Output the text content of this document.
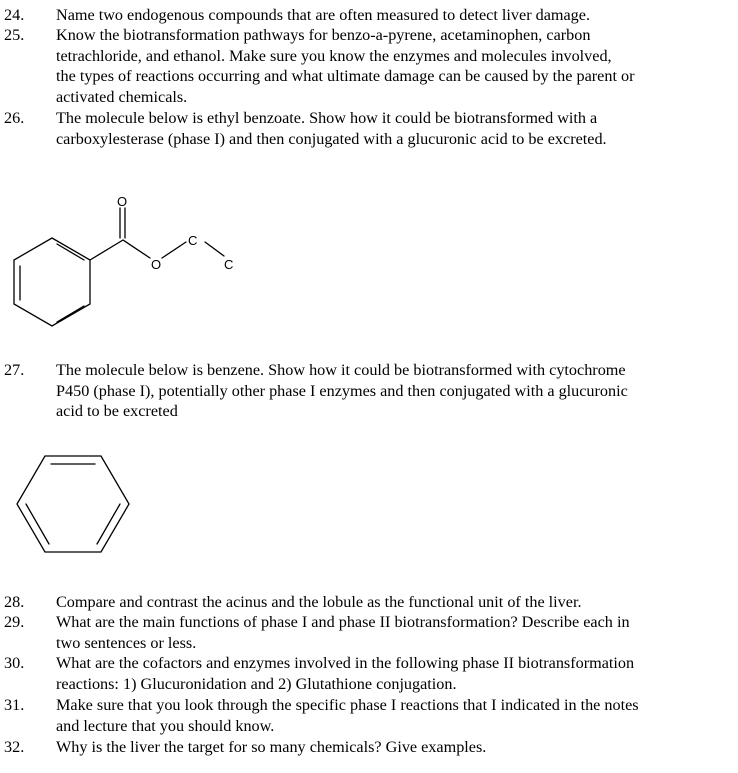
24. Name two endogenous compounds that are often measured to detect liver damage.
25. Know the biotransformation pathways for benzo-a-pyrene, acetaminophen, carbon
tetrachloride, and ethanol. Make sure you know the enzymes and molecules involved,
the types of reactions occurring and what ultimate damage can be caused by the parent or
activated chemicals.
26. The molecule below is ethyl benzoate. Show how it could be biotransformed with a
carboxylesterase (phase I) and then conjugated with a glucuronic acid to be excreted.
O
O
C
C
27. The molecule below is benzene. Show how it could be biotransformed with cytochrome
P450 (phase I), potentially other phase I enzymes and then conjugated with a glucuronic
acid to be excreted
28. Compare and contrast the acinus and the lobule as the functional unit of the liver.
29. What are the main functions of phase I and phase II biotransformation? Describe each in
two sentences or less.
30. What are the cofactors and enzymes involved in the following phase II biotransformation
reactions: 1) Glucuronidation and 2) Glutathione conjugation.
31. Make sure that you look through the specific phase I reactions that I indicated in the notes
and lecture that you should know.
32. Why is the liver the target for so many chemicals? Give examples.
